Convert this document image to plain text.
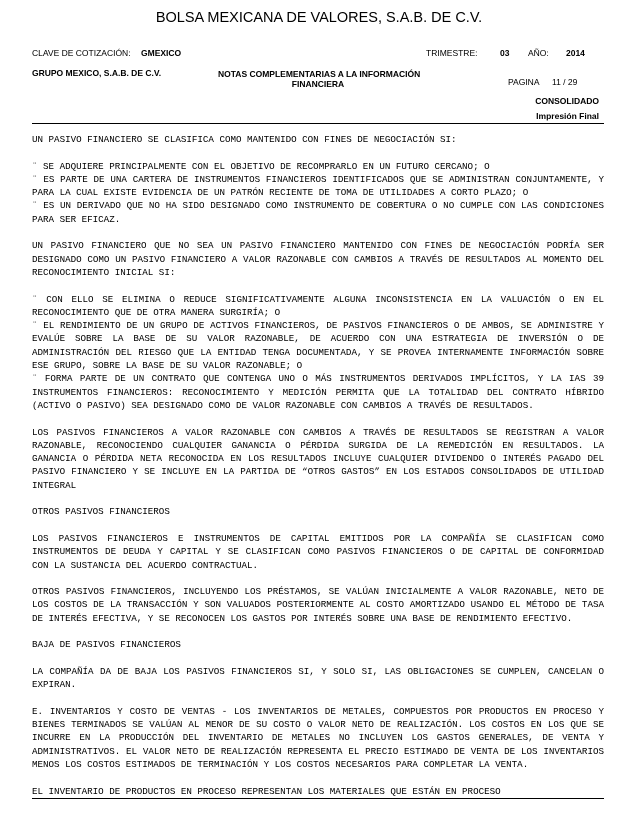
BOLSA MEXICANA DE VALORES, S.A.B. DE C.V.
CLAVE DE COTIZACIÓN: GMEXICO	TRIMESTRE:	03 AÑO: 2014
GRUPO MEXICO, S.A.B. DE C.V.	NOTAS COMPLEMENTARIAS A LA INFORMACIÓN
FINANCIERA	PAGINA 11 / 29
CONSOLIDADO
Impresión Final

UN PASIVO FINANCIERO SE CLASIFICA COMO MANTENIDO CON FINES DE NEGOCIACIÓN SI:

¨ SE ADQUIERE PRINCIPALMENTE CON EL OBJETIVO DE RECOMPRARLO EN UN FUTURO CERCANO; O
¨ ES PARTE DE UNA CARTERA DE INSTRUMENTOS FINANCIEROS IDENTIFICADOS QUE SE ADMINISTRAN CONJUNTAMENTE, Y PARA LA CUAL EXISTE EVIDENCIA DE UN PATRÓN RECIENTE DE TOMA DE UTILIDADES A CORTO PLAZO; O
¨ ES UN DERIVADO QUE NO HA SIDO DESIGNADO COMO INSTRUMENTO DE COBERTURA O NO CUMPLE CON LAS CONDICIONES PARA SER EFICAZ.

UN PASIVO FINANCIERO QUE NO SEA UN PASIVO FINANCIERO MANTENIDO CON FINES DE NEGOCIACIÓN PODRÍA SER DESIGNADO COMO UN PASIVO FINANCIERO A VALOR RAZONABLE CON CAMBIOS A TRAVÉS DE RESULTADOS AL MOMENTO DEL RECONOCIMIENTO INICIAL SI:

¨ CON ELLO SE ELIMINA O REDUCE SIGNIFICATIVAMENTE ALGUNA INCONSISTENCIA EN LA VALUACIÓN O EN EL RECONOCIMIENTO QUE DE OTRA MANERA SURGIRÍA; O
¨ EL RENDIMIENTO DE UN GRUPO DE ACTIVOS FINANCIEROS, DE PASIVOS FINANCIEROS O DE AMBOS, SE ADMINISTRE Y EVALÚE SOBRE LA BASE DE SU VALOR RAZONABLE, DE ACUERDO CON UNA ESTRATEGIA DE INVERSIÓN O DE ADMINISTRACIÓN DEL RIESGO QUE LA ENTIDAD TENGA DOCUMENTADA, Y SE PROVEA INTERNAMENTE INFORMACIÓN SOBRE ESE GRUPO, SOBRE LA BASE DE SU VALOR RAZONABLE; O
¨ FORMA PARTE DE UN CONTRATO QUE CONTENGA UNO O MÁS INSTRUMENTOS DERIVADOS IMPLÍCITOS, Y LA IAS 39 INSTRUMENTOS FINANCIEROS: RECONOCIMIENTO Y MEDICIÓN PERMITA QUE LA TOTALIDAD DEL CONTRATO HÍBRIDO (ACTIVO O PASIVO) SEA DESIGNADO COMO DE VALOR RAZONABLE CON CAMBIOS A TRAVÉS DE RESULTADOS.

LOS PASIVOS FINANCIEROS A VALOR RAZONABLE CON CAMBIOS A TRAVÉS DE RESULTADOS SE REGISTRAN A VALOR RAZONABLE, RECONOCIENDO CUALQUIER GANANCIA O PÉRDIDA SURGIDA DE LA REMEDICIÓN EN RESULTADOS. LA GANANCIA O PÉRDIDA NETA RECONOCIDA EN LOS RESULTADOS INCLUYE CUALQUIER DIVIDENDO O INTERÉS PAGADO DEL PASIVO FINANCIERO Y SE INCLUYE EN LA PARTIDA DE “OTROS GASTOS” EN LOS ESTADOS CONSOLIDADOS DE UTILIDAD INTEGRAL

OTROS PASIVOS FINANCIEROS

LOS PASIVOS FINANCIEROS E INSTRUMENTOS DE CAPITAL EMITIDOS POR LA COMPAÑÍA SE CLASIFICAN COMO INSTRUMENTOS DE DEUDA Y CAPITAL Y SE CLASIFICAN COMO PASIVOS FINANCIEROS O DE CAPITAL DE CONFORMIDAD CON LA SUSTANCIA DEL ACUERDO CONTRACTUAL.

OTROS PASIVOS FINANCIEROS, INCLUYENDO LOS PRÉSTAMOS, SE VALÚAN INICIALMENTE A VALOR RAZONABLE, NETO DE LOS COSTOS DE LA TRANSACCIÓN Y SON VALUADOS POSTERIORMENTE AL COSTO AMORTIZADO USANDO EL MÉTODO DE TASA DE INTERÉS EFECTIVA, Y SE RECONOCEN LOS GASTOS POR INTERÉS SOBRE UNA BASE DE RENDIMIENTO EFECTIVO.

BAJA DE PASIVOS FINANCIEROS

LA COMPAÑÍA DA DE BAJA LOS PASIVOS FINANCIEROS SI, Y SOLO SI, LAS OBLIGACIONES SE CUMPLEN, CANCELAN O EXPIRAN.

E. INVENTARIOS Y COSTO DE VENTAS - LOS INVENTARIOS DE METALES, COMPUESTOS POR PRODUCTOS EN PROCESO Y BIENES TERMINADOS SE VALÚAN AL MENOR DE SU COSTO O VALOR NETO DE REALIZACIÓN. LOS COSTOS EN LOS QUE SE INCURRE EN LA PRODUCCIÓN DEL INVENTARIO DE METALES NO INCLUYEN LOS GASTOS GENERALES, DE VENTA Y ADMINISTRATIVOS. EL VALOR NETO DE REALIZACIÓN REPRESENTA EL PRECIO ESTIMADO DE VENTA DE LOS INVENTARIOS MENOS LOS COSTOS ESTIMADOS DE TERMINACIÓN Y LOS COSTOS NECESARIOS PARA COMPLETAR LA VENTA.

EL INVENTARIO DE PRODUCTOS EN PROCESO REPRESENTAN LOS MATERIALES QUE ESTÁN EN PROCESO
